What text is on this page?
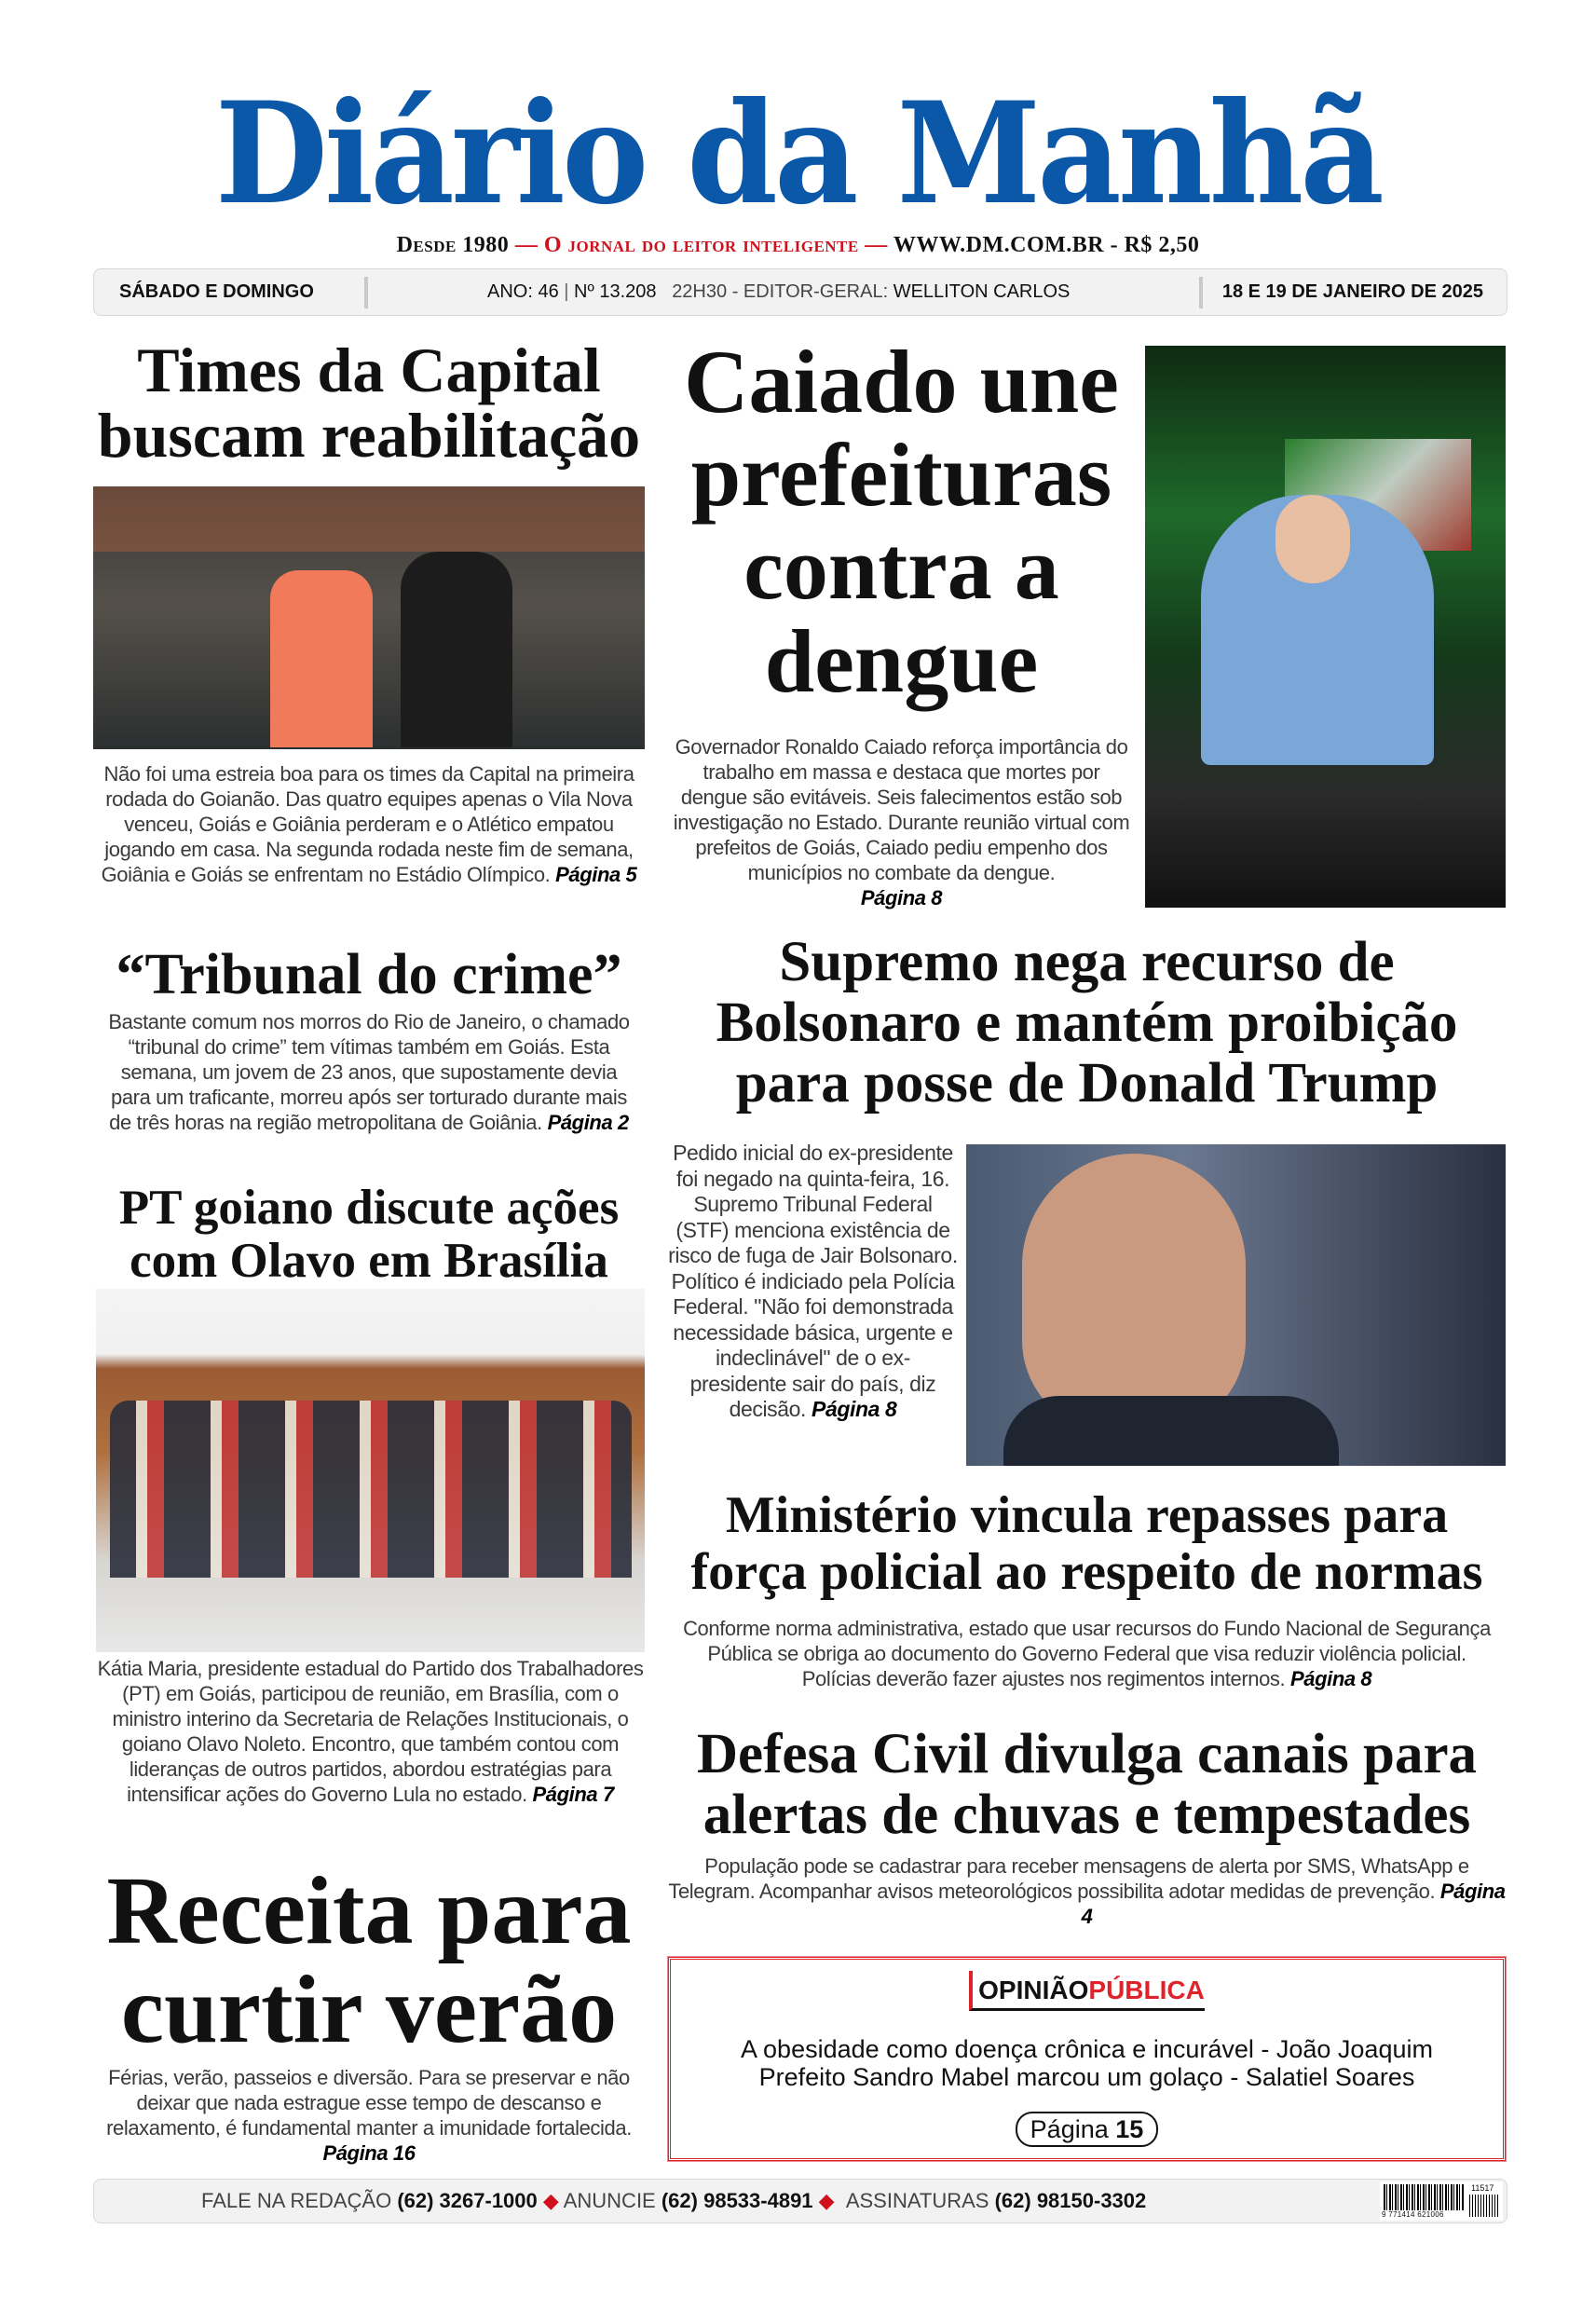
Diário da Manhã
Desde 1980 — O jornal do leitor inteligente — WWW.DM.COM.BR - R$ 2,50
SÁBADO E DOMINGO	ANO: 46 | Nº 13.208 22H30 - EDITOR-GERAL: WELLITON CARLOS	18 E 19 DE JANEIRO DE 2025
Times da Capital buscam reabilitação
Não foi uma estreia boa para os times da Capital na primeira rodada do Goianão. Das quatro equipes apenas o Vila Nova venceu, Goiás e Goiânia perderam e o Atlético empatou jogando em casa. Na segunda rodada neste fim de semana, Goiânia e Goiás se enfrentam no Estádio Olímpico. Página 5
“Tribunal do crime”
Bastante comum nos morros do Rio de Janeiro, o chamado “tribunal do crime” tem vítimas também em Goiás. Esta semana, um jovem de 23 anos, que supostamente devia para um traficante, morreu após ser torturado durante mais de três horas na região metropolitana de Goiânia. Página 2
PT goiano discute ações com Olavo em Brasília
Kátia Maria, presidente estadual do Partido dos Trabalhadores (PT) em Goiás, participou de reunião, em Brasília, com o ministro interino da Secretaria de Relações Institucionais, o goiano Olavo Noleto. Encontro, que também contou com lideranças de outros partidos, abordou estratégias para intensificar ações do Governo Lula no estado. Página 7
Receita para curtir verão
Férias, verão, passeios e diversão. Para se preservar e não deixar que nada estrague esse tempo de descanso e relaxamento, é fundamental manter a imunidade fortalecida. Página 16
Caiado une prefeituras contra a dengue
Governador Ronaldo Caiado reforça importância do trabalho em massa e destaca que mortes por dengue são evitáveis. Seis falecimentos estão sob investigação no Estado. Durante reunião virtual com prefeitos de Goiás, Caiado pediu empenho dos municípios no combate da dengue.
Página 8
Supremo nega recurso de Bolsonaro e mantém proibição para posse de Donald Trump
Pedido inicial do ex-presidente foi negado na quinta-feira, 16. Supremo Tribunal Federal (STF) menciona existência de risco de fuga de Jair Bolsonaro. Político é indiciado pela Polícia Federal. "Não foi demonstrada necessidade básica, urgente e indeclinável" de o ex-presidente sair do país, diz decisão. Página 8
Ministério vincula repasses para força policial ao respeito de normas
Conforme norma administrativa, estado que usar recursos do Fundo Nacional de Segurança Pública se obriga ao documento do Governo Federal que visa reduzir violência policial. Polícias deverão fazer ajustes nos regimentos internos. Página 8
Defesa Civil divulga canais para alertas de chuvas e tempestades
População pode se cadastrar para receber mensagens de alerta por SMS, WhatsApp e Telegram. Acompanhar avisos meteorológicos possibilita adotar medidas de prevenção. Página 4
OPINIÃOPÚBLICA
A obesidade como doença crônica e incurável - João Joaquim
Prefeito Sandro Mabel marcou um golaço - Salatiel Soares
Página 15
FALE NA REDAÇÃO (62) 3267-1000 ◆ ANUNCIE (62) 98533-4891 ◆ ASSINATURAS (62) 98150-3302
9 771414 621006
11517
